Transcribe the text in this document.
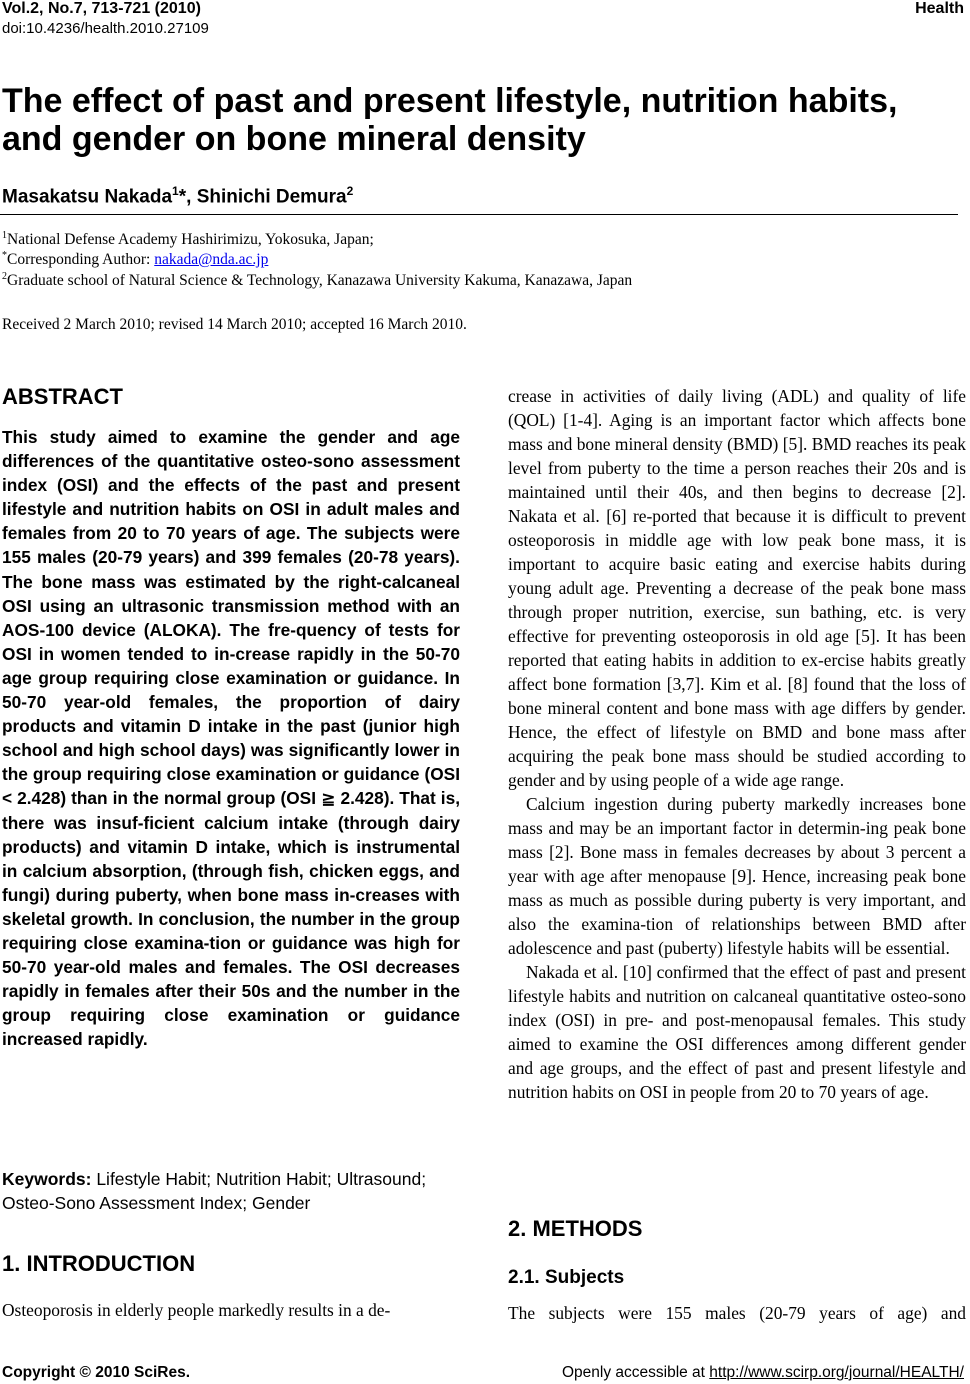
Vol.2, No.7, 713-721 (2010)
doi:10.4236/health.2010.27109
Health
The effect of past and present lifestyle, nutrition habits, and gender on bone mineral density
Masakatsu Nakada$^1$*, Shinichi Demura$^2$
$^1$National Defense Academy Hashirimizu, Yokosuka, Japan;
*Corresponding Author: nakada@nda.ac.jp
$^2$Graduate school of Natural Science & Technology, Kanazawa University Kakuma, Kanazawa, Japan
Received 2 March 2010; revised 14 March 2010; accepted 16 March 2010.
ABSTRACT
This study aimed to examine the gender and age differences of the quantitative osteo-sono assessment index (OSI) and the effects of the past and present lifestyle and nutrition habits on OSI in adult males and females from 20 to 70 years of age. The subjects were 155 males (20-79 years) and 399 females (20-78 years). The bone mass was estimated by the right-calcaneal OSI using an ultrasonic transmission method with an AOS-100 device (ALOKA). The fre-quency of tests for OSI in women tended to in-crease rapidly in the 50-70 age group requiring close examination or guidance. In 50-70 year-old females, the proportion of dairy products and vitamin D intake in the past (junior high school and high school days) was significantly lower in the group requiring close examination or guidance (OSI < 2.428) than in the normal group (OSI ≧ 2.428). That is, there was insuf-ficient calcium intake (through dairy products) and vitamin D intake, which is instrumental in calcium absorption, (through fish, chicken eggs, and fungi) during puberty, when bone mass in-creases with skeletal growth. In conclusion, the number in the group requiring close examina-tion or guidance was high for 50-70 year-old males and females. The OSI decreases rapidly in females after their 50s and the number in the group requiring close examination or guidance increased rapidly.
Keywords: Lifestyle Habit; Nutrition Habit; Ultrasound; Osteo-Sono Assessment Index; Gender
1. INTRODUCTION
Osteoporosis in elderly people markedly results in a de-

crease in activities of daily living (ADL) and quality of life (QOL) [1-4]. Aging is an important factor which affects bone mass and bone mineral density (BMD) [5]. BMD reaches its peak level from puberty to the time a person reaches their 20s and is maintained until their 40s, and then begins to decrease [2]. Nakata et al. [6] re-ported that because it is difficult to prevent osteoporosis in middle age with low peak bone mass, it is important to acquire basic eating and exercise habits during young adult age. Preventing a decrease of the peak bone mass through proper nutrition, exercise, sun bathing, etc. is very effective for preventing osteoporosis in old age [5]. It has been reported that eating habits in addition to ex-ercise habits greatly affect bone formation [3,7]. Kim et al. [8] found that the loss of bone mineral content and bone mass with age differs by gender. Hence, the effect of lifestyle on BMD and bone mass after acquiring the peak bone mass should be studied according to gender and by using people of a wide age range.

Calcium ingestion during puberty markedly increases bone mass and may be an important factor in determin-ing peak bone mass [2]. Bone mass in females decreases by about 3 percent a year with age after menopause [9]. Hence, increasing peak bone mass as much as possible during puberty is very important, and also the examina-tion of relationships between BMD after adolescence and past (puberty) lifestyle habits will be essential.

Nakada et al. [10] confirmed that the effect of past and present lifestyle habits and nutrition on calcaneal quantitative osteo-sono index (OSI) in pre- and post-menopausal females. This study aimed to examine the OSI differences among different gender and age groups, and the effect of past and present lifestyle and nutrition habits on OSI in people from 20 to 70 years of age.

2. METHODS
2.1. Subjects
The subjects were 155 males (20-79 years of age) and
Copyright © 2010 SciRes.	Openly accessible at http://www.scirp.org/journal/HEALTH/
